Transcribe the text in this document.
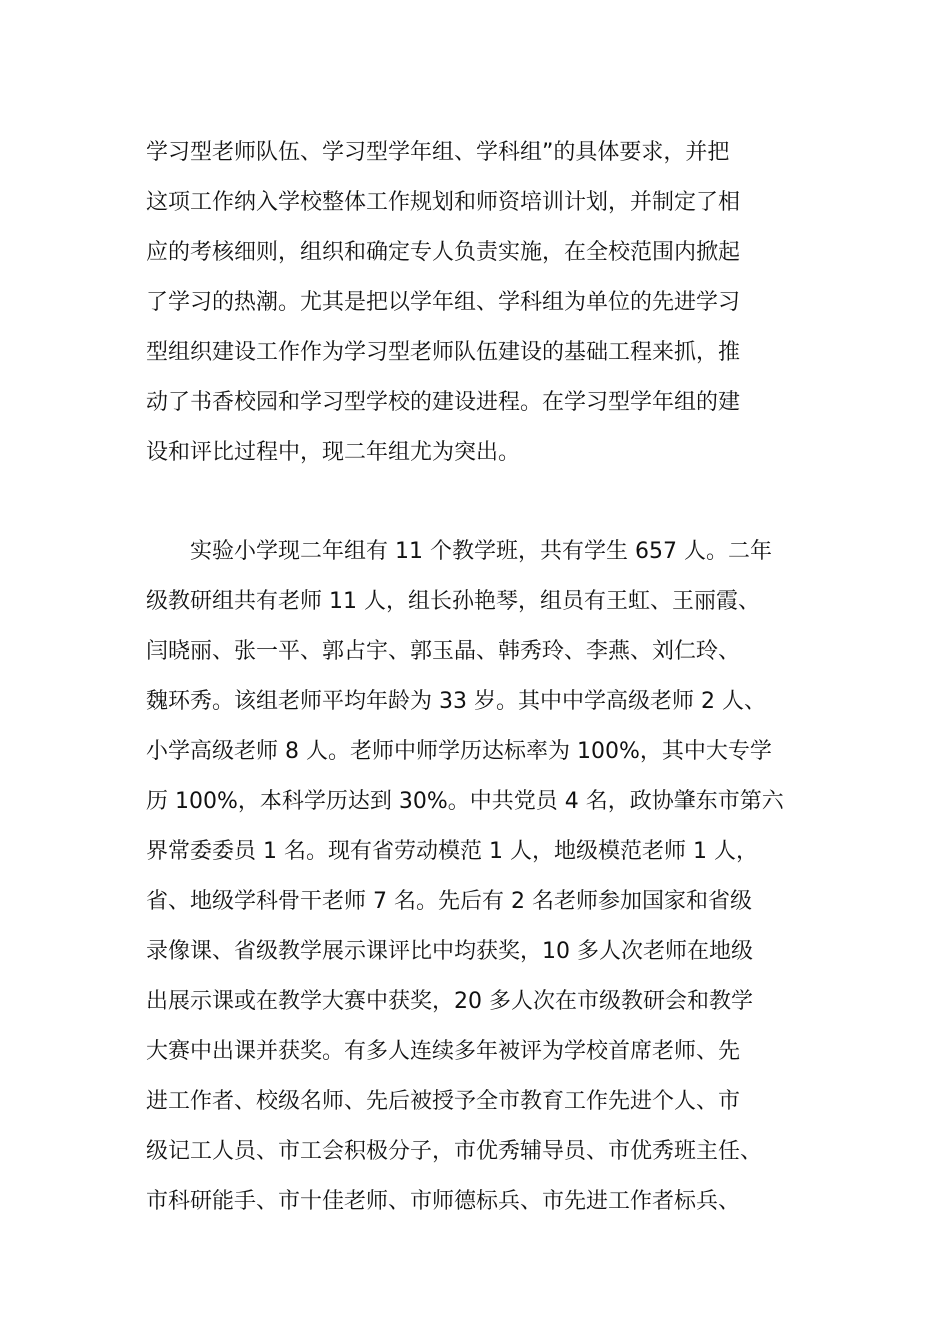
学习型老师队伍、学习型学年组、学科组”的具体要求，并把
这项工作纳入学校整体工作规划和师资培训计划，并制定了相
应的考核细则，组织和确定专人负责实施，在全校范围内掀起
了学习的热潮。尤其是把以学年组、学科组为单位的先进学习
型组织建设工作作为学习型老师队伍建设的基础工程来抓，推
动了书香校园和学习型学校的建设进程。在学习型学年组的建
设和评比过程中，现二年组尤为突出。
　　实验小学现二年组有 11 个教学班，共有学生 657 人。二年
级教研组共有老师 11 人，组长孙艳琴，组员有王虹、王丽霞、
闫晓丽、张一平、郭占宇、郭玉晶、韩秀玲、李燕、刘仁玲、
魏环秀。该组老师平均年龄为 33 岁。其中中学高级老师 2 人、
小学高级老师 8 人。老师中师学历达标率为 100%，其中大专学
历 100%，本科学历达到 30%。中共党员 4 名，政协肇东市第六
界常委委员 1 名。现有省劳动模范 1 人，地级模范老师 1 人，
省、地级学科骨干老师 7 名。先后有 2 名老师参加国家和省级
录像课、省级教学展示课评比中均获奖，10 多人次老师在地级
出展示课或在教学大赛中获奖，20 多人次在市级教研会和教学
大赛中出课并获奖。有多人连续多年被评为学校首席老师、先
进工作者、校级名师、先后被授予全市教育工作先进个人、市
级记工人员、市工会积极分子，市优秀辅导员、市优秀班主任、
市科研能手、市十佳老师、市师德标兵、市先进工作者标兵、
